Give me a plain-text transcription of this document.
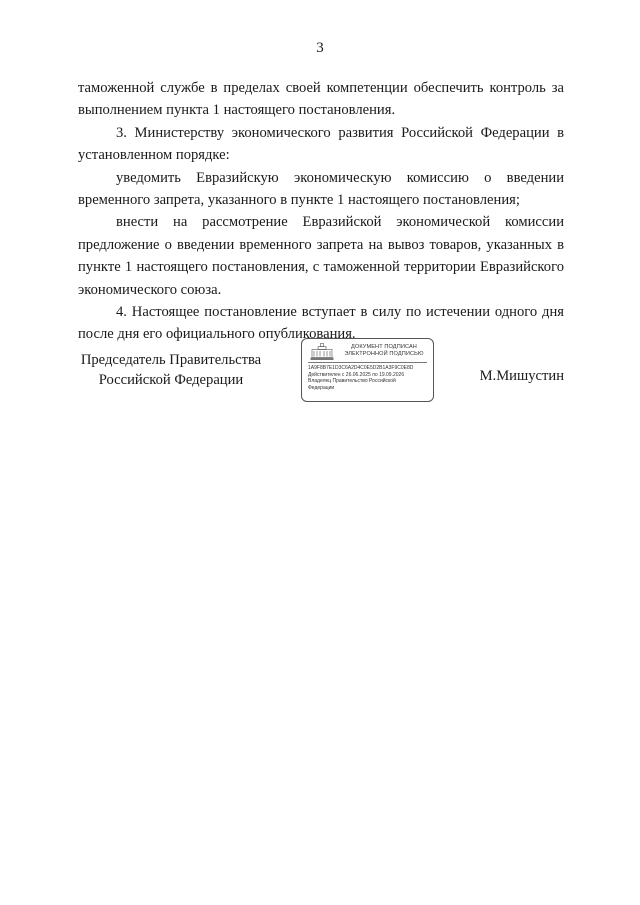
3

таможенной службе в пределах своей компетенции обеспечить контроль за выполнением пункта 1 настоящего постановления.

3. Министерству экономического развития Российской Федерации в установленном порядке:

уведомить Евразийскую экономическую комиссию о введении временного запрета, указанного в пункте 1 настоящего постановления;

внести на рассмотрение Евразийской экономической комиссии предложение о введении временного запрета на вывоз товаров, указанных в пункте 1 настоящего постановления, с таможенной территории Евразийского экономического союза.

4. Настоящее постановление вступает в силу по истечении одного дня после дня его официального опубликования.

Председатель Правительства
Российской Федерации
ДОКУМЕНТ ПОДПИСАН
ЭЛЕКТРОННОЙ ПОДПИСЬЮ
1A9F8B7E1D3C6A2D4C0E5D2B1A3F9C0E8D
Действителен с 26.06.2025 по 19.09.2026
Владелец Правительство Российской
Федерации
М.Мишустин
